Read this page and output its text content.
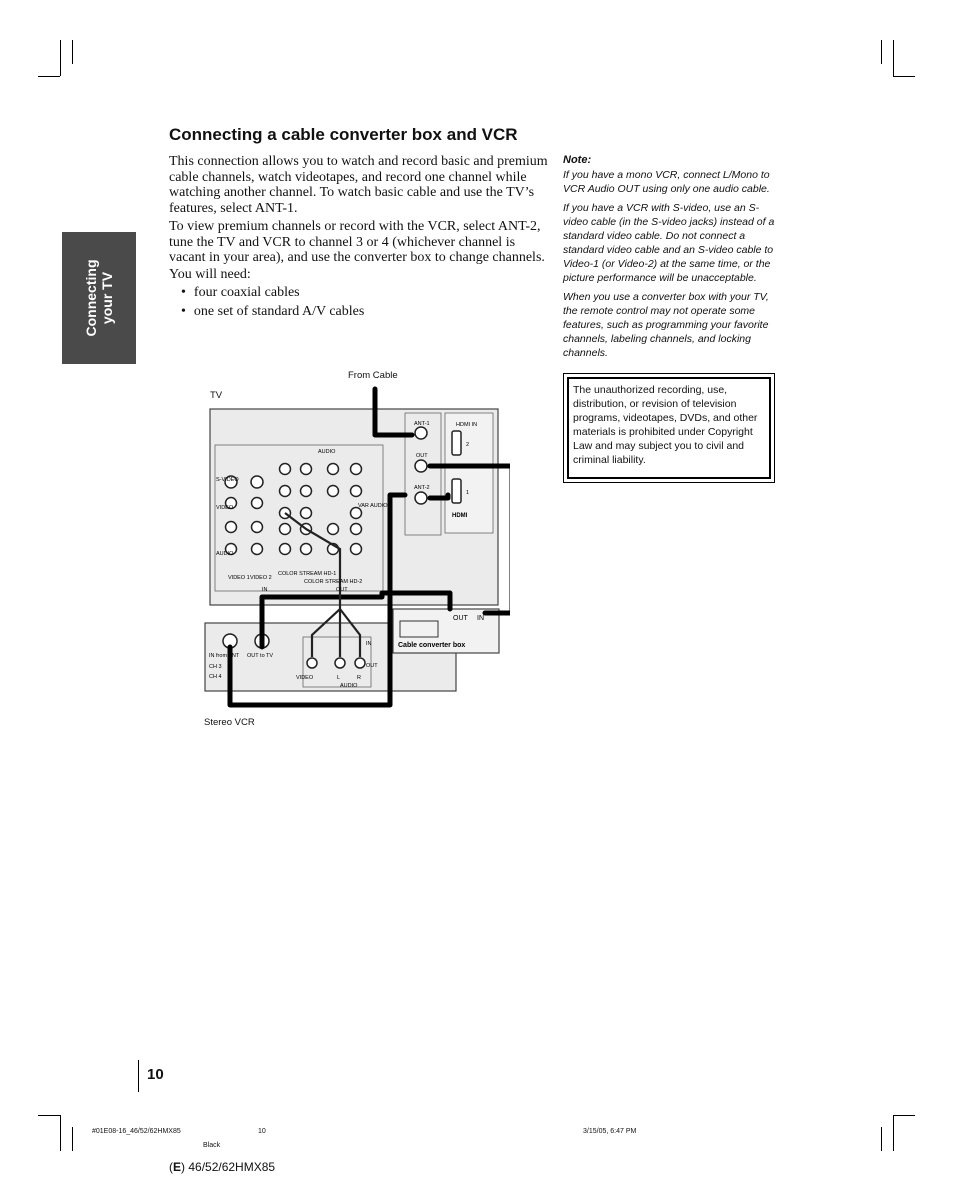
Connecting
your TV
Connecting a cable converter box and VCR
This connection allows you to watch and record basic and premium cable channels, watch videotapes, and record one channel while watching another channel. To watch basic cable and use the TV’s features, select ANT-1.
To view premium channels or record with the VCR, select ANT-2, tune the TV and VCR to channel 3 or 4 (whichever channel is vacant in your area), and use the converter box to change channels.
You will need:
• four coaxial cables
• one set of standard A/V cables
Note:
If you have a mono VCR, connect L/Mono to VCR Audio OUT using only one audio cable.
If you have a VCR with S-video, use an S-video cable (in the S-video jacks) instead of a standard video cable. Do not connect a standard video cable and an S-video cable to Video-1 (or Video-2) at the same time, or the picture performance will be unacceptable.
When you use a converter box with your TV, the remote control may not operate some features, such as programming your favorite channels, labeling channels, and locking channels.
The unauthorized recording, use, distribution, or revision of television programs, videotapes, DVDs, and other materials is prohibited under Copyright Law and may subject you to civil and criminal liability.
S-VIDEO
VIDEO
AUDIO
AUDIO
VAR AUDIO
VIDEO 1 VIDEO 2
COLOR STREAM HD-1
COLOR STREAM HD-2
IN	OUT
ANT-1
OUT
ANT-2
HDMI IN
2
1
HDMI
IN from ANT OUT to TV
CH 3
CH 4	VIDEO	L	R
AUDIO
IN
OUT
OUT IN
Cable converter box
From Cable
TV
Stereo VCR
10
#01E08-16_46/52/62HMX85	10	3/15/05, 6:47 PM
Black
(E) 46/52/62HMX85
